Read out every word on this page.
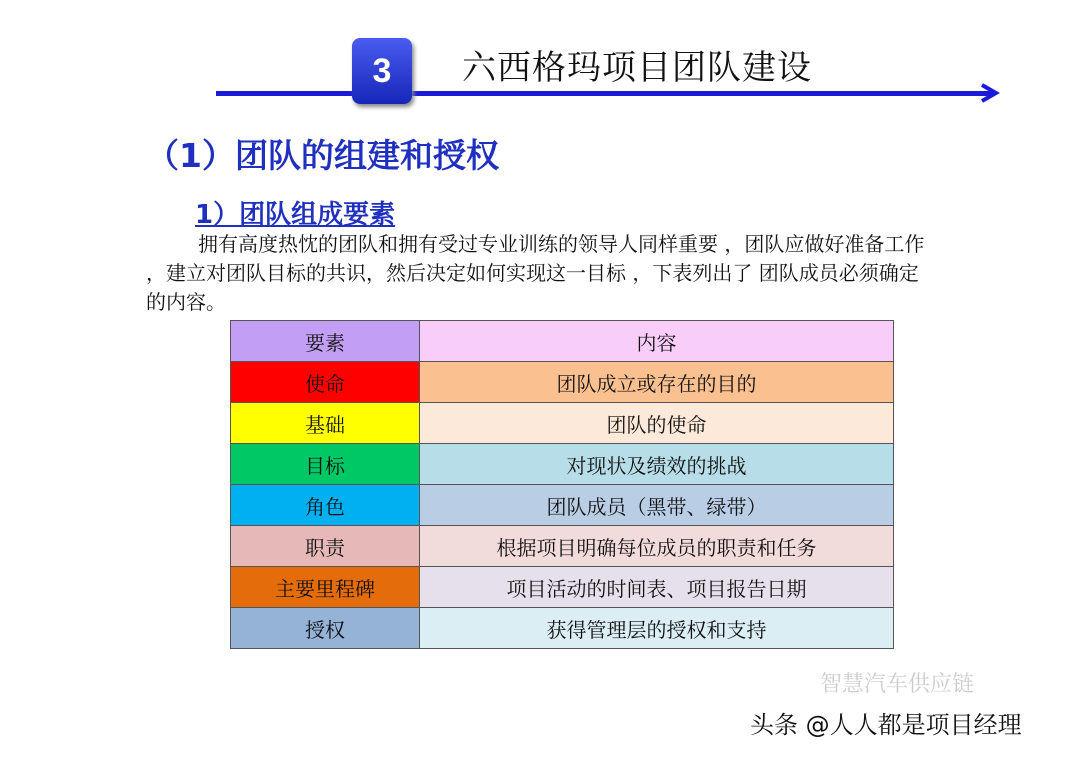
3	六西格玛项目团队建设
（1）团队的组建和授权
1）团队组成要素
拥有高度热忱的团队和拥有受过专业训练的领导人同样重要 ，团队应做好准备工作 ，建立对团队目标的共识，然后决定如何实现这一目标 ，下表列出了 团队成员必须确定的内容。
要素	内容
使命	团队成立或存在的目的
基础	团队的使命
目标	对现状及绩效的挑战
角色	团队成员（黑带、绿带）
职责	根据项目明确每位成员的职责和任务
主要里程碑	项目活动的时间表、项目报告日期
授权	获得管理层的授权和支持
智慧汽车供应链
头条 @人人都是项目经理
